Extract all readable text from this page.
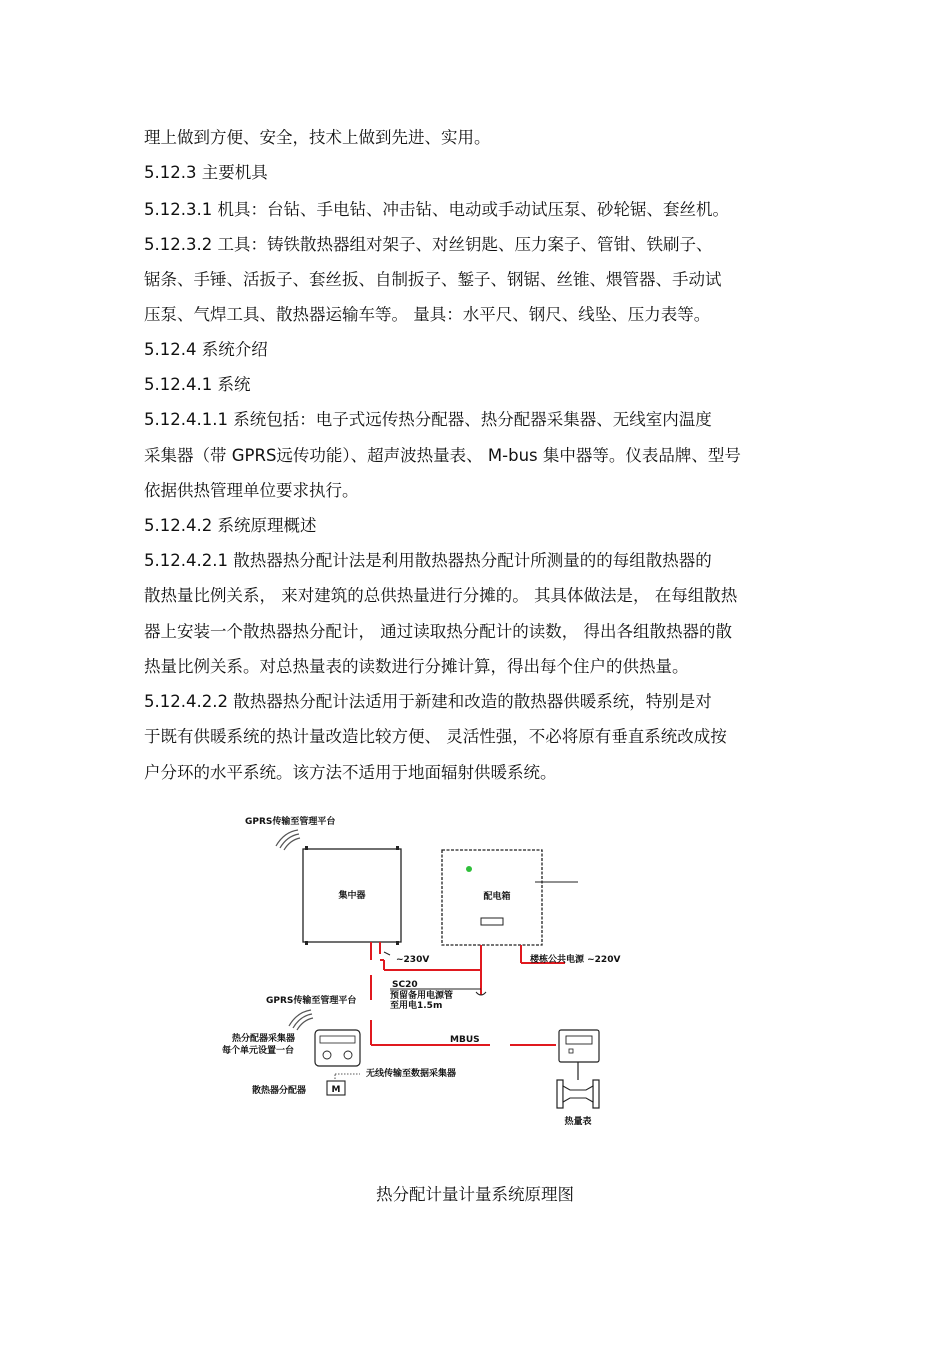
理上做到方便、安全，技术上做到先进、实用。
5.12.3 主要机具
5.12.3.1 机具：台钻、手电钻、冲击钻、电动或手动试压泵、砂轮锯、套丝机。
5.12.3.2 工具：铸铁散热器组对架子、对丝钥匙、压力案子、管钳、铁刷子、
锯条、手锤、活扳子、套丝扳、自制扳子、錾子、钢锯、丝锥、煨管器、手动试
压泵、气焊工具、散热器运输车等。 量具：水平尺、钢尺、线坠、压力表等。
5.12.4 系统介绍
5.12.4.1 系统
5.12.4.1.1 系统包括：电子式远传热分配器、热分配器采集器、无线室内温度
采集器（带 GPRS远传功能）、超声波热量表、 M-bus 集中器等。仪表品牌、型号
依据供热管理单位要求执行。
5.12.4.2 系统原理概述
5.12.4.2.1 散热器热分配计法是利用散热器热分配计所测量的的每组散热器的
散热量比例关系， 来对建筑的总供热量进行分摊的。 其具体做法是， 在每组散热
器上安装一个散热器热分配计， 通过读取热分配计的读数， 得出各组散热器的散
热量比例关系。对总热量表的读数进行分摊计算，得出每个住户的供热量。
5.12.4.2.2 散热器热分配计法适用于新建和改造的散热器供暖系统，特别是对
于既有供暖系统的热计量改造比较方便、 灵活性强，不必将原有垂直系统改成按
户分环的水平系统。该方法不适用于地面辐射供暖系统。
GPRS传输至管理平台
集中器	配电箱
~230V	楼栋公共电源 ~220V
SC20
预留备用电源管
至用电1.5m
GPRS传输至管理平台
热分配器采集器
每个单元设置一台
MBUS
无线传输至数据采集器
散热器分配器	M
热量表
热分配计量计量系统原理图
